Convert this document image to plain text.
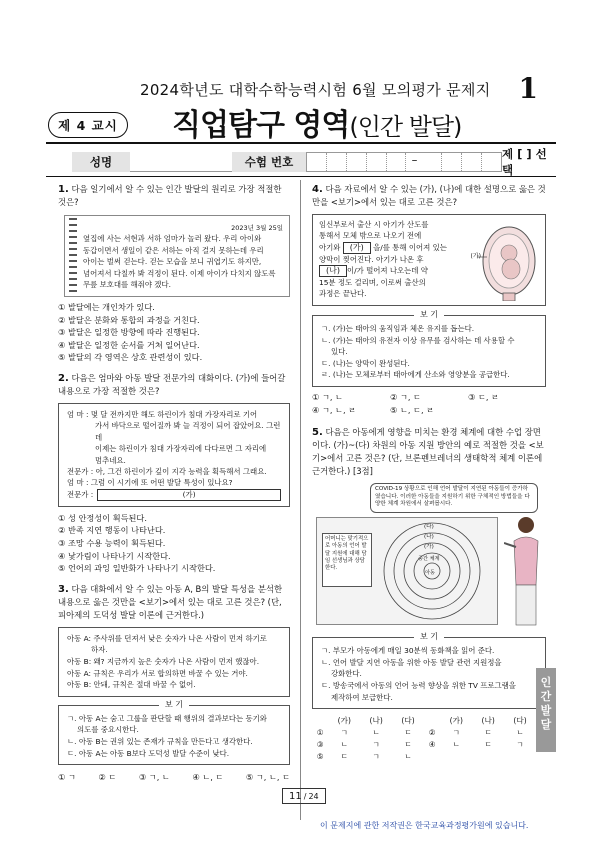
2024학년도 대학수학능력시험 6월 모의평가 문제지 1
제 4 교시	직업탐구 영역(인간 발달)
성명	수험 번호	–	제 [ ] 선택
1. 다음 일기에서 알 수 있는 인간 발달의 원리로 가장 적절한 것은?
2023년 3월 25일
옆집에 사는 서현과 서하 엄마가 놀러 왔다. 우리 아이와
동갑이면서 생일이 같은 서하는 아직 걸지 못하는데 우리
아이는 벌써 걷는다. 걷는 모습을 보니 귀엽기도 하지만,
넘어져서 다칠까 봐 걱정이 된다. 이제 아이가 다치지 않도록
무릎 보호대를 해줘야 겠다.
① 발달에는 개인차가 있다.
② 발달은 분화와 통합의 과정을 거친다.
③ 발달은 일정한 방향에 따라 진행된다.
④ 발달은 일정한 순서를 거쳐 일어난다.
⑤ 발달의 각 영역은 상호 관련성이 있다.
2. 다음은 엄마와 아동 발달 전문가의 대화이다. (가)에 들어갈 내용으로 가장 적절한 것은?
엄 마 : 몇 달 전까지만 해도 하린이가 침대 가장자리로 기어
가서 바닥으로 떨어질까 봐 늘 걱정이 되어 잡았어요. 그런데
이제는 하린이가 침대 가장자리에 다다르면 그 자리에
멈추네요.
전문가 : 아, 그건 하린이가 깊이 지각 능력을 획득해서 그래요.
엄 마 : 그럼 이 시기에 또 어떤 발달 특성이 있나요?
전문가 :	(가)
① 성 안정성이 획득된다.
② 반족 지연 행동이 나타난다.
③ 조망 수용 능력이 획득된다.
④ 낯가림이 나타나기 시작한다.
⑤ 언어의 과잉 일반화가 나타나기 시작한다.
3. 다음 대화에서 알 수 있는 아동 A, B의 발달 특성을 분석한 내용으로 옳은 것만을 <보기>에서 있는 대로 고른 것은? (단, 피아제의 도덕성 발달 이론에 근거한다.)
아동 A: 주사위를 던져서 낮은 숫자가 나온 사람이 먼저 하기로
하자.
아동 B: 왜? 지금까지 높은 숫자가 나온 사람이 먼저 했잖아.
아동 A: 규칙은 우리가 서로 합의하면 바꿀 수 있는 거야.
아동 B: 안돼, 규칙은 절대 바꿀 수 없어.
보 기
ㄱ. 아동 A는 숨고 그룹을 판단할 때 행위의 결과보다는 동기와
의도를 중요시한다.
ㄴ. 아동 B는 권위 있는 존재가 규칙을 만든다고 생각한다.
ㄷ. 아동 A는 아동 B보다 도덕성 발달 수준이 낮다.
① ㄱ	② ㄷ	③ ㄱ, ㄴ	④ ㄴ, ㄷ	⑤ ㄱ, ㄴ, ㄷ
4. 다음 자료에서 알 수 있는 (가), (나)에 대한 설명으로 옳은 것만을 <보기>에서 있는 대로 고른 것은?
임신부로서 출산 시 아기가 산도를
통해서 모체 밖으로 나오기 전에
아기와 (가) 을/를 통해 이어져 있는
양막이 찢어진다. 아기가 나온 후
(나) 이/가 떨어져 나오는데 약
15분 정도 걸리며, 이로써 출산의
과정은 끝난다.
(가)
보 기
ㄱ. (가)는 태아의 움직임과 체온 유지를 돕는다.
ㄴ. (가)는 태아의 유전자 이상 유무를 검사하는 데 사용할 수
있다.
ㄷ. (나)는 양막이 완성된다.
ㄹ. (나)는 모체로부터 태아에게 산소와 영양분을 공급한다.
① ㄱ, ㄴ	② ㄱ, ㄷ	③ ㄷ, ㄹ
④ ㄱ, ㄴ, ㄹ	⑤ ㄴ, ㄷ, ㄹ
5. 다음은 아동에게 영향을 미치는 환경 체계에 대한 수업 장면이다. (가)~(다) 차원의 아동 지원 방안의 예로 적절한 것을 <보기>에서 고른 것은? (단, 브론펜브레너의 생태학적 체계 이론에 근거한다.) [3점]
COVID-19 상황으로 인해 언어 발달이 지연된 아동들이 증가하였습니다. 이러한 아동들을 지원하기 위한 구체적인 방법들을 다양한 체계 차원에서 살펴봅시다.
어머니는 맞기적으로 아동의 언어 발달 지원에 대해 담임 선생님과 상담한다.
(다)
(나)
(가)
중간 체계
아동
보 기
ㄱ. 부모가 아동에게 매일 30분씩 동화책을 읽어 준다.
ㄴ. 언어 발달 지연 아동을 위한 아동 발달 관련 지원정을
강화한다.
ㄷ. 방송국에서 아동의 언어 능력 향상을 위한 TV 프로그램을
제작하여 보급한다.
	(가)	(나)	(다)		(가)	(나)	(다)
①	ㄱ	ㄴ	ㄷ	②	ㄱ	ㄷ	ㄴ
③	ㄴ	ㄱ	ㄷ	④	ㄴ	ㄷ	ㄱ
⑤	ㄷ	ㄱ	ㄴ				
인간 발달
11 / 24
이 문제지에 관한 저작권은 한국교육과정평가원에 있습니다.
